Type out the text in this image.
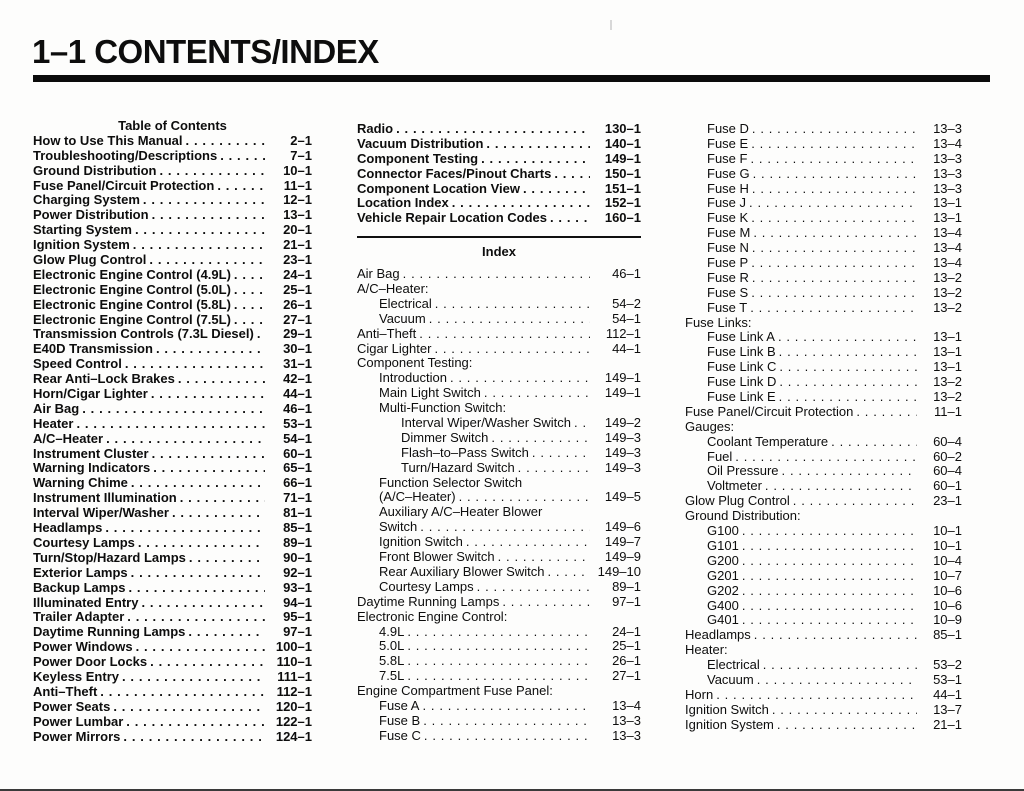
1–1 CONTENTS/INDEX
Table of Contents
How to Use This Manual . . .	2–1
Troubleshooting/Descriptions . . .	7–1
Ground Distribution . . .	10–1
Fuse Panel/Circuit Protection . . .	11–1
Charging System . . .	12–1
Power Distribution . . .	13–1
Starting System . . .	20–1
Ignition System . . .	21–1
Glow Plug Control . . .	23–1
Electronic Engine Control (4.9L) . . .	24–1
Electronic Engine Control (5.0L) . . .	25–1
Electronic Engine Control (5.8L) . . .	26–1
Electronic Engine Control (7.5L) . . .	27–1
Transmission Controls (7.3L Diesel) . . .	29–1
E40D Transmission . . .	30–1
Speed Control . . .	31–1
Rear Anti–Lock Brakes . . .	42–1
Horn/Cigar Lighter . . .	44–1
Air Bag . . .	46–1
Heater . . .	53–1
A/C–Heater . . .	54–1
Instrument Cluster . . .	60–1
Warning Indicators . . .	65–1
Warning Chime . . .	66–1
Instrument Illumination . . .	71–1
Interval Wiper/Washer . . .	81–1
Headlamps . . .	85–1
Courtesy Lamps . . .	89–1
Turn/Stop/Hazard Lamps . . .	90–1
Exterior Lamps . . .	92–1
Backup Lamps . . .	93–1
Illuminated Entry . . .	94–1
Trailer Adapter . . .	95–1
Daytime Running Lamps . . .	97–1
Power Windows . . .	100–1
Power Door Locks . . .	110–1
Keyless Entry . . .	111–1
Anti–Theft . . .	112–1
Power Seats . . .	120–1
Power Lumbar . . .	122–1
Power Mirrors . . .	124–1
Radio . . .	130–1
Vacuum Distribution . . .	140–1
Component Testing . . .	149–1
Connector Faces/Pinout Charts . . .	150–1
Component Location View . . .	151–1
Location Index . . .	152–1
Vehicle Repair Location Codes . . .	160–1
Index
Air Bag . . .	46–1
A/C–Heater:
Electrical . . .	54–2
Vacuum . . .	54–1
Anti–Theft . . .	112–1
Cigar Lighter . . .	44–1
Component Testing:
Introduction . . .	149–1
Main Light Switch . . .	149–1
Multi-Function Switch:
Interval Wiper/Washer Switch . . .	149–2
Dimmer Switch . . .	149–3
Flash–to–Pass Switch . . .	149–3
Turn/Hazard Switch . . .	149–3
Function Selector Switch
(A/C–Heater) . . .	149–5
Auxiliary A/C–Heater Blower
Switch . . .	149–6
Ignition Switch . . .	149–7
Front Blower Switch . . .	149–9
Rear Auxiliary Blower Switch . . .	149–10
Courtesy Lamps . . .	89–1
Daytime Running Lamps . . .	97–1
Electronic Engine Control:
4.9L . . .	24–1
5.0L . . .	25–1
5.8L . . .	26–1
7.5L . . .	27–1
Engine Compartment Fuse Panel:
Fuse A . . .	13–4
Fuse B . . .	13–3
Fuse C . . .	13–3
Fuse D . . .	13–3
Fuse E . . .	13–4
Fuse F . . .	13–3
Fuse G . . .	13–3
Fuse H . . .	13–3
Fuse J . . .	13–1
Fuse K . . .	13–1
Fuse M . . .	13–4
Fuse N . . .	13–4
Fuse P . . .	13–4
Fuse R . . .	13–2
Fuse S . . .	13–2
Fuse T . . .	13–2
Fuse Links:
Fuse Link A . . .	13–1
Fuse Link B . . .	13–1
Fuse Link C . . .	13–1
Fuse Link D . . .	13–2
Fuse Link E . . .	13–2
Fuse Panel/Circuit Protection . . .	11–1
Gauges:
Coolant Temperature . . .	60–4
Fuel . . .	60–2
Oil Pressure . . .	60–4
Voltmeter . . .	60–1
Glow Plug Control . . .	23–1
Ground Distribution:
G100 . . .	10–1
G101 . . .	10–1
G200 . . .	10–4
G201 . . .	10–7
G202 . . .	10–6
G400 . . .	10–6
G401 . . .	10–9
Headlamps . . .	85–1
Heater:
Electrical . . .	53–2
Vacuum . . .	53–1
Horn . . .	44–1
Ignition Switch . . .	13–7
Ignition System . . .	21–1
